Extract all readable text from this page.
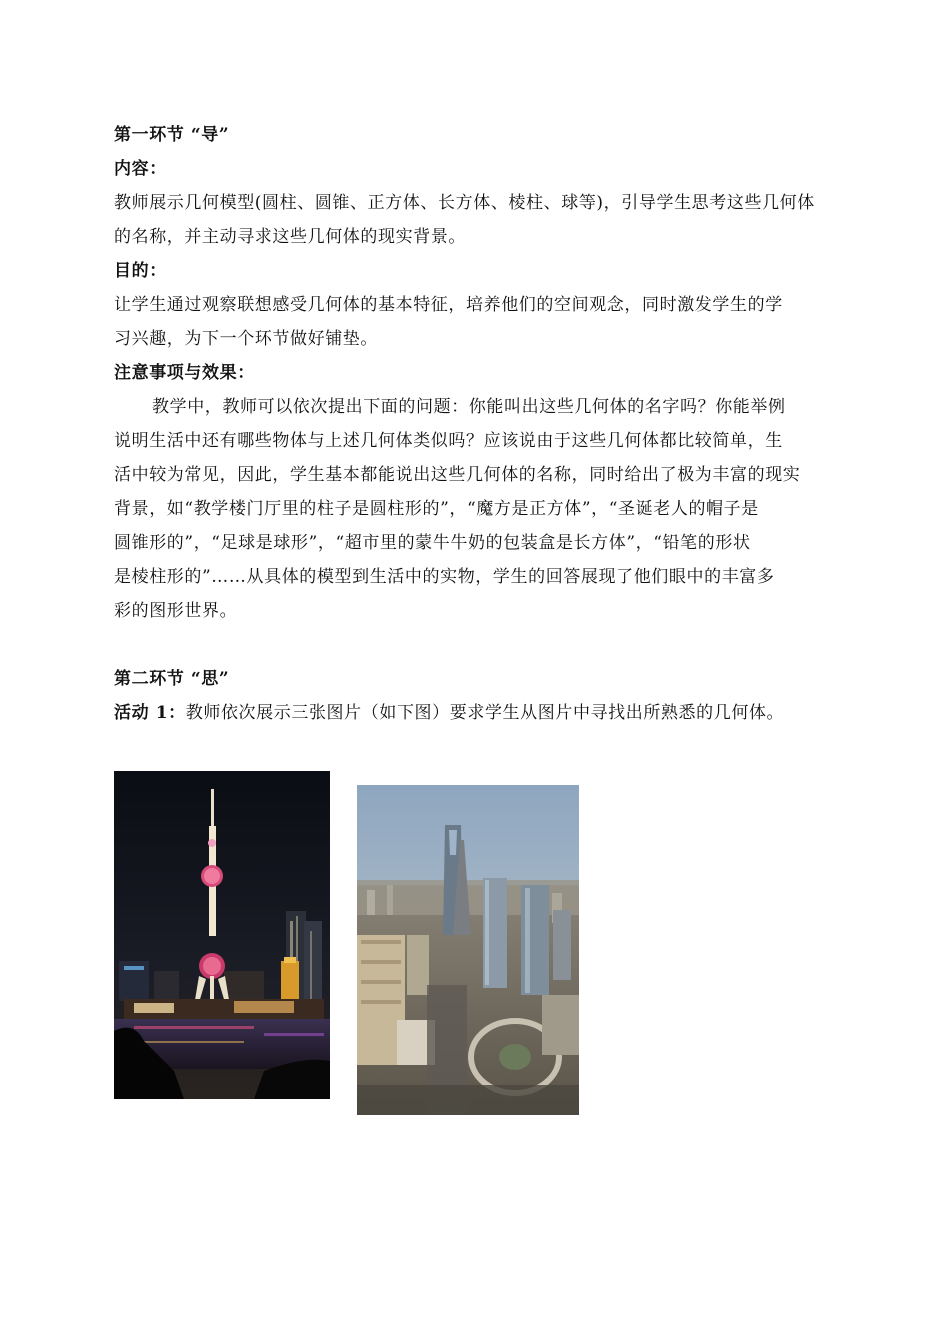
第一环节 “导”
内容：
教师展示几何模型(圆柱、圆锥、正方体、长方体、棱柱、球等)，引导学生思考这些几何体
的名称，并主动寻求这些几何体的现实背景。
目的：
让学生通过观察联想感受几何体的基本特征，培养他们的空间观念，同时激发学生的学
习兴趣，为下一个环节做好铺垫。
注意事项与效果：
教学中，教师可以依次提出下面的问题：你能叫出这些几何体的名字吗？你能举例
说明生活中还有哪些物体与上述几何体类似吗？应该说由于这些几何体都比较简单，生
活中较为常见，因此，学生基本都能说出这些几何体的名称，同时给出了极为丰富的现实
背景，如“教学楼门厅里的柱子是圆柱形的”，“魔方是正方体”，“圣诞老人的帽子是
圆锥形的”，“足球是球形”，“超市里的蒙牛牛奶的包装盒是长方体”，“铅笔的形状
是棱柱形的”……从具体的模型到生活中的实物，学生的回答展现了他们眼中的丰富多
彩的图形世界。
第二环节 “思”
活动 1：教师依次展示三张图片（如下图）要求学生从图片中寻找出所熟悉的几何体。
